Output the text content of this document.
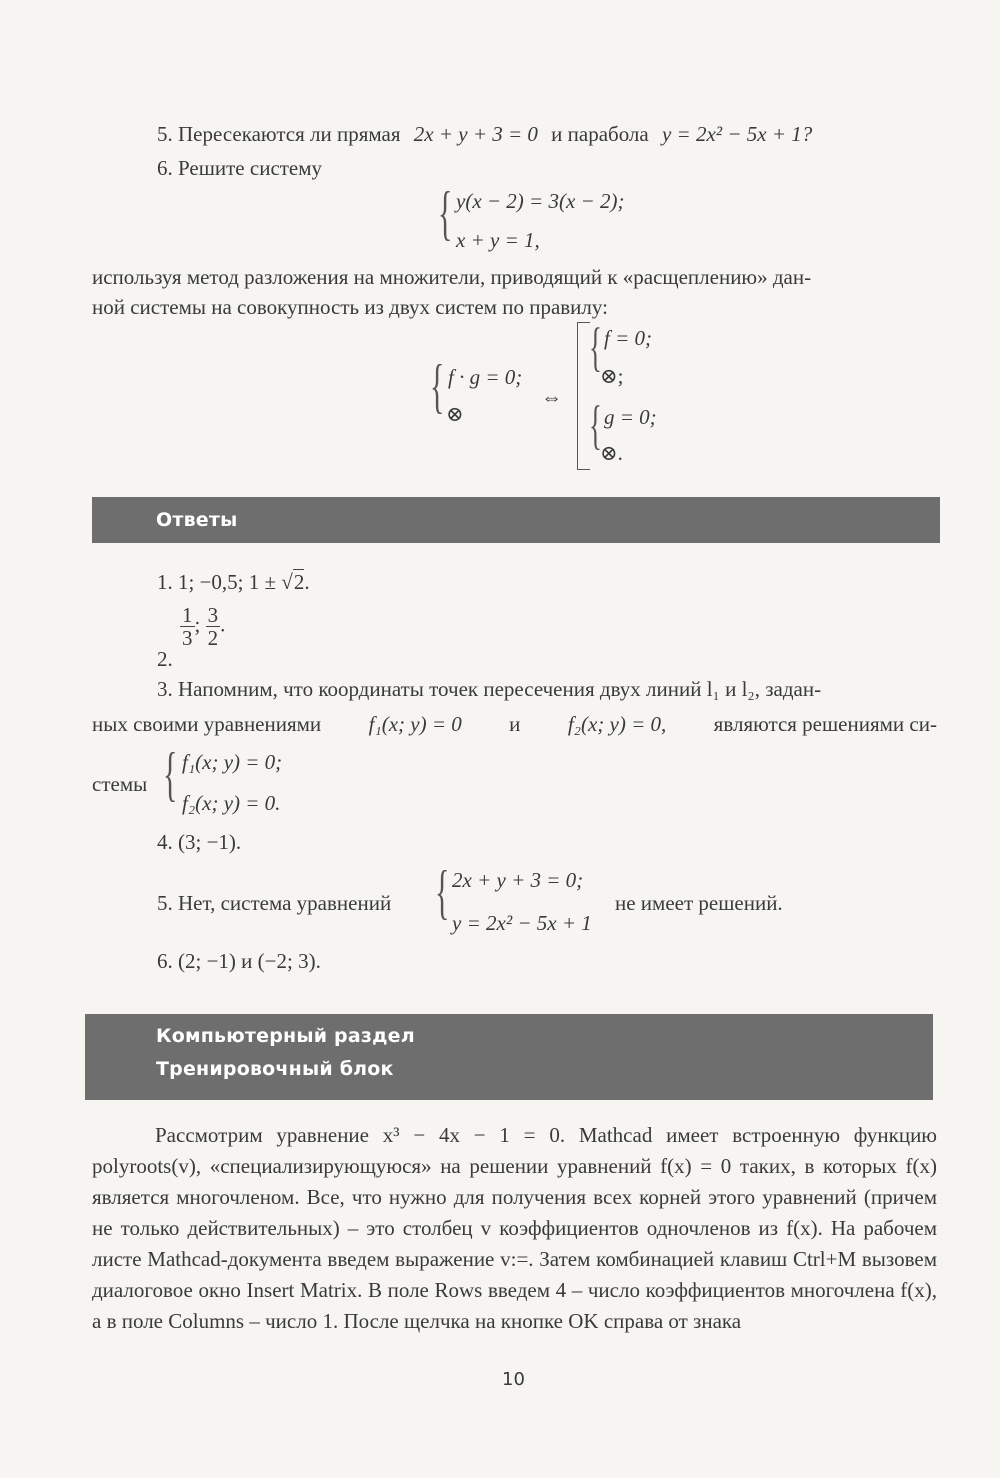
5. Пересекаются ли прямая 2x + y + 3 = 0 и парабола y = 2x² − 5x + 1?
6. Решите систему
{ y(x − 2) = 3(x − 2);
x + y = 1,
используя метод разложения на множители, приводящий к «расщеплению» дан-
ной системы на совокупность из двух систем по правилу:
{ f · g = 0;
⊗
⇔
{ f = 0;
⊗;
{ g = 0;
⊗.
Ответы
1. 1; −0,5; 1 ± √2.
2.
$\frac{1}{3}$ ; $\frac{3}{2}$ .
3. Напомним, что координаты точек пересечения двух линий l₁ и l₂, задан-
ных своими уравнениями f₁(x; y) = 0 и f₂(x; y) = 0, являются решениями си-
стемы { f₁(x; y) = 0;
f₂(x; y) = 0.
4. (3; −1).
5. Нет, система уравнений { 2x + y + 3 = 0;
y = 2x² − 5x + 1
не имеет решений.
6. (2; −1) и (−2; 3).
Компьютерный раздел
Тренировочный блок

Рассмотрим уравнение x³ − 4x − 1 = 0. Mathcad имеет встроенную функцию polyroots(v), «специализирующуюся» на решении уравнений f(x) = 0 таких, в которых f(x) является многочленом. Все, что нужно для получения всех корней этого уравнений (причем не только действительных) – это столбец v коэффициентов одночленов из f(x). На рабочем листе Mathcad-документа введем выражение v:=. Затем комбинацией клавиш Ctrl+M вызовем диалоговое окно Insert Matrix. В поле Rows введем 4 – число коэффициентов многочлена f(x), а в поле Columns – число 1. После щелчка на кнопке OK справа от знака

10
